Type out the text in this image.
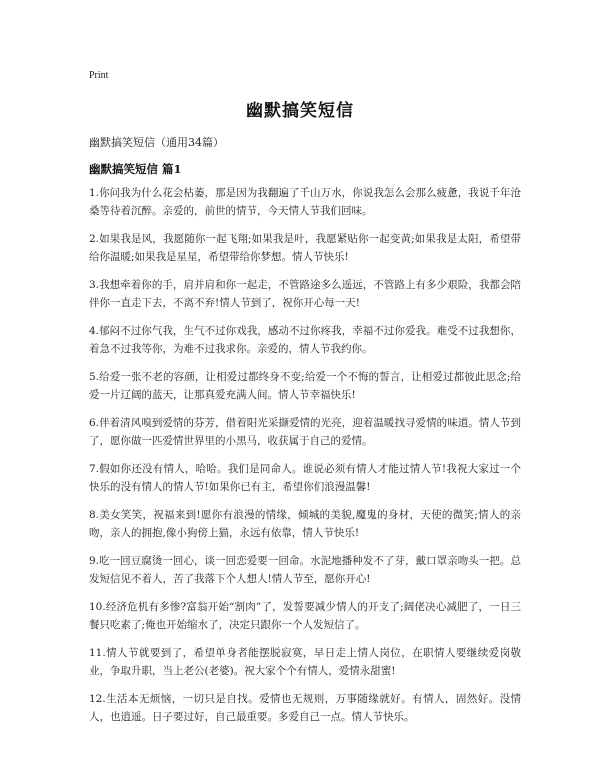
Print
幽默搞笑短信
幽默搞笑短信（通用34篇）
幽默搞笑短信 篇1

1.你问我为什么花会枯萎，那是因为我翻遍了千山万水，你说我怎么会那么疲惫，我说千年沧桑等待着沉醉。亲爱的，前世的情节，今天情人节我们回味。

2.如果我是风，我愿随你一起飞翔;如果我是叶，我愿紧贴你一起变黄;如果我是太阳，希望带给你温暖;如果我是星星，希望带给你梦想。情人节快乐!

3.我想牵着你的手，肩并肩和你一起走，不管路途多么遥远，不管路上有多少艰险，我都会陪伴你一直走下去，不离不弃!情人节到了，祝你开心每一天!

4.郁闷不过你气我，生气不过你戏我，感动不过你疼我，幸福不过你爱我。难受不过我想你，着急不过我等你，为难不过我求你。亲爱的，情人节我约你。

5.给爱一张不老的容颜，让相爱过都终身不变;给爱一个不悔的誓言，让相爱过都彼此思念;给爱一片辽阔的蓝天，让那真爱充满人间。情人节幸福快乐!

6.伴着清风嗅到爱情的芬芳，借着阳光采撷爱情的光亮，迎着温暖找寻爱情的味道。情人节到了，愿你做一匹爱情世界里的小黑马，收获属于自己的爱情。

7.假如你还没有情人，哈哈。我们是同命人。谁说必须有情人才能过情人节!我祝大家过一个快乐的没有情人的情人节!如果你已有主，希望你们浪漫温馨!

8.美女笑笑，祝福来到!愿你有浪漫的情缘，倾城的美貌,魔鬼的身材，天使的微笑;情人的亲吻，亲人的拥抱,像小狗傍上猫，永远有依靠，情人节快乐!

9.吃一回豆腐烫一回心，谈一回恋爱要一回命。水泥地播种发不了芽，戴口罩亲吻头一把。总发短信见不着人，苦了我落下个人想人!情人节至，愿你开心!

10.经济危机有多惨?富翁开始“割肉”了，发誓要减少情人的开支了;阔佬决心减肥了，一日三餐只吃素了;俺也开始缩水了，决定只跟你一个人发短信了。

11.情人节就要到了，希望单身者能摆脱寂寞，早日走上情人岗位，在职情人要继续爱岗敬业，争取升职，当上老公(老婆)。祝大家个个有情人，爱情永甜蜜!

12.生活本无烦恼，一切只是自找。爱情也无规则，万事随缘就好。有情人，固然好。没情人，也逍遥。日子要过好，自己最重要。多爱自己一点。情人节快乐。
